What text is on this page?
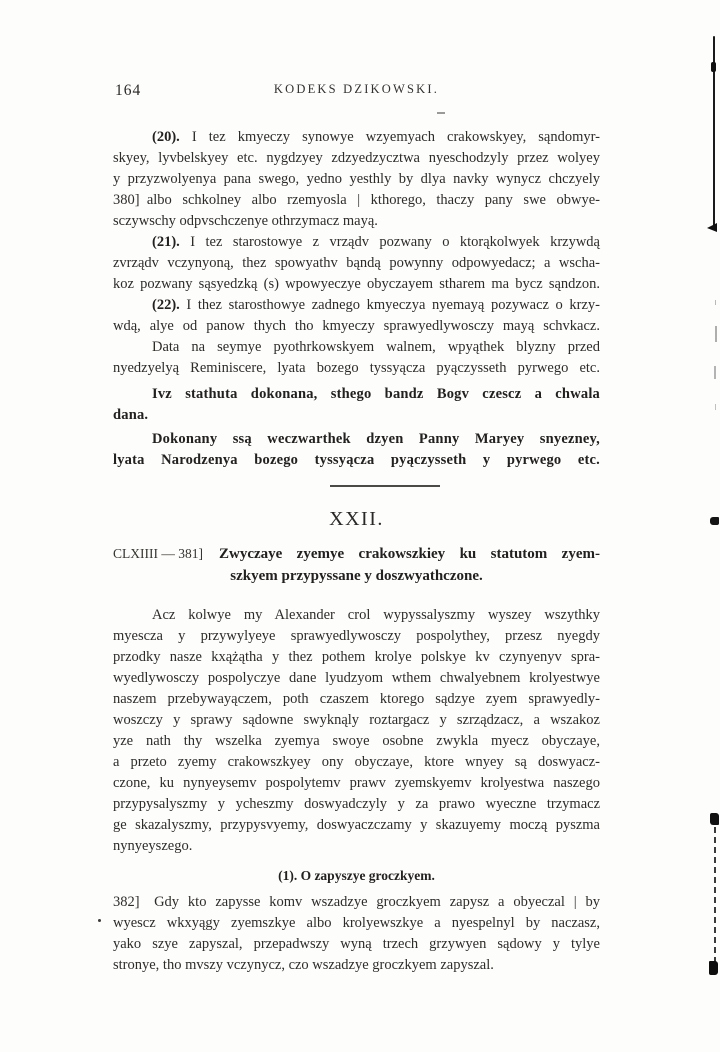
164	KODEKS DZIKOWSKI.
(20). I tez kmyeczy synowye wzyemyach crakowskyey, sąndomyr-
skyey, lyvbelskyey etc. nygdzyey zdzyedzycztwa nyeschodzyly przez wolyey
y przyzwolyenya pana swego, yedno yesthly by dlya navky wynycz chczyely
380] albo schkolney albo rzemyosla | kthorego, thaczy pany swe obwye-
sczywschy odpvschczenye othrzymacz mayą.
(21). I tez starostowye z vrządv pozwany o ktorąkolwyek krzywdą
zvrządv vczynyoną, thez spowyathv bąndą powynny odpowyedacz; a wscha-
koz pozwany sąsyedzką (s) wpowyeczye obyczayem stharem ma bycz sąndzon.
(22). I thez starosthowye zadnego kmyeczya nyemayą pozywacz o krzy-
wdą, alye od panow thych tho kmyeczy sprawyedlywosczy mayą schvkacz.
Data na seymye pyothrkowskyem walnem, wpyąthek blyzny przed
nyedzyelyą Reminiscere, lyata bozego tyssyącza pyączysseth pyrwego etc.
Ivz stathuta dokonana, sthego bandz Bogv czescz a chwala
dana.
Dokonany ssą weczwarthek dzyen Panny Maryey snyezney,
lyata Narodzenya bozego tyssyącza pyączysseth y pyrwego etc.
XXII.
CLXIIII — 381] Zwyczaye zyemye crakowszkiey ku statutom zyem-
szkyem przypyssane y doszwyathczone.
Acz kolwye my Alexander crol wypyssalyszmy wyszey wszythky
myescza y przywylyeye sprawyedlywosczy pospolythey, przesz nyegdy
przodky nasze kxążątha y thez pothem krolye polskye kv czynyenyv spra-
wyedlywosczy pospolyczye dane lyudzyom wthem chwalyebnem krolyestwye
naszem przebywayączem, poth czaszem ktorego sądzye zyem sprawyedly-
woszczy y sprawy sądowne swyknąly roztargacz y szrządzacz, a wszakoz
yze nath thy wszelka zyemya swoye osobne zwykla myecz obyczaye,
a przeto zyemy crakowszkyey ony obyczaye, ktore wnyey są doswyacz-
czone, ku nynyeysemv pospolytemv prawv zyemskyemv krolyestwa naszego
przypysalyszmy y ycheszmy doswyadczyly y za prawo wyeczne trzymacz
ge skazalyszmy, przypysvyemy, doswyaczczamy y skazuyemy moczą pyszma
nynyeyszego.
(1). O zapyszye groczkyem.
382] Gdy kto zapysse komv wszadzye groczkyem zapysz a obyeczal | by
wyescz wkxyągy zyemszkye albo krolyewszkye a nyespelnyl by naczasz,
yako szye zapyszal, przepadwszy wyną trzech grzywyen sądowy y tylye
stronye, tho mvszy vczynycz, czo wszadzye groczkyem zapyszal.
